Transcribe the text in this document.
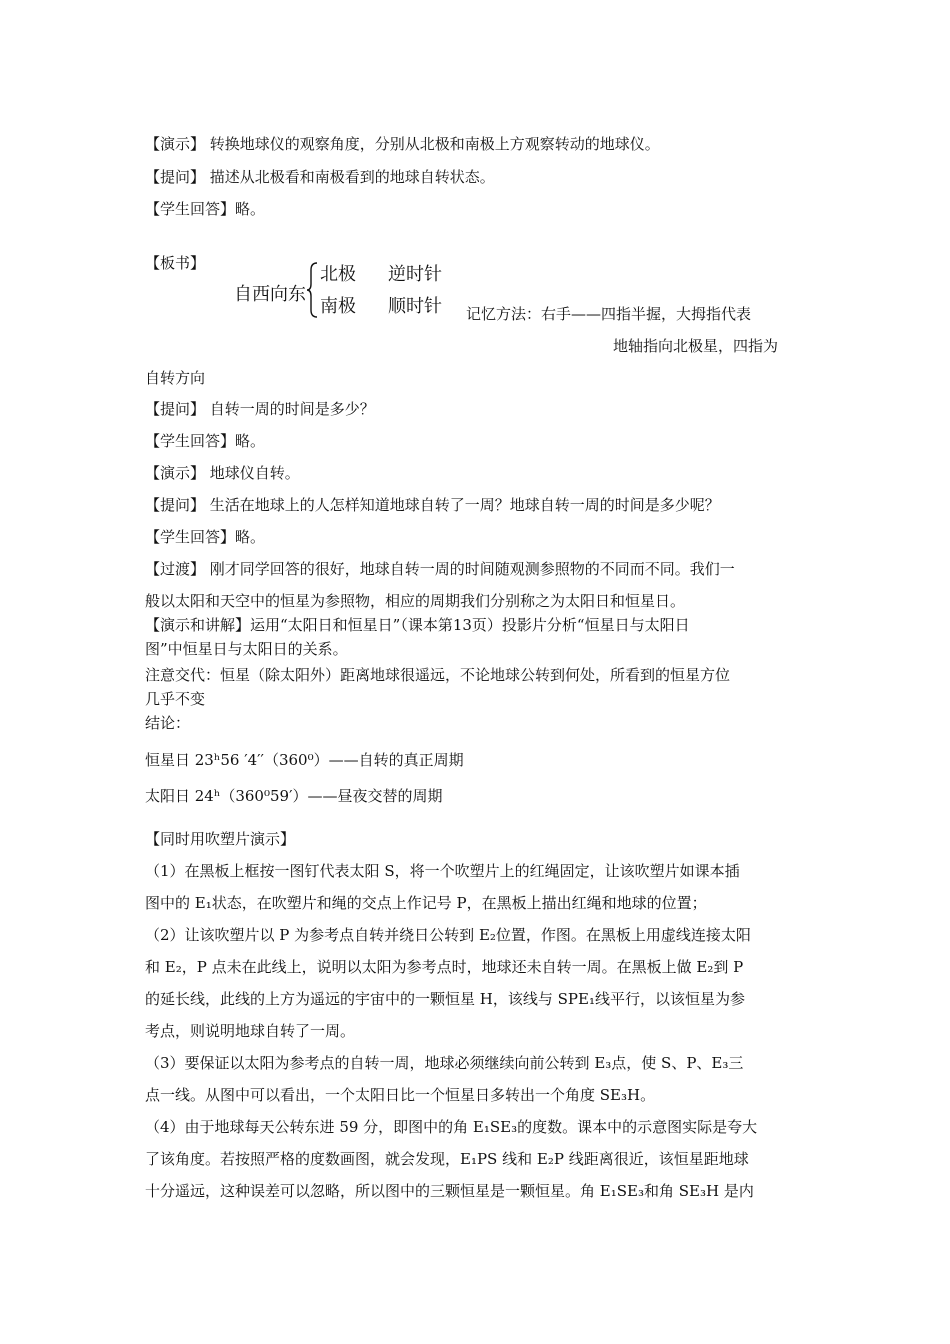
【演示】 转换地球仪的观察角度，分别从北极和南极上方观察转动的地球仪。
【提问】 描述从北极看和南极看到的地球自转状态。
【学生回答】略。
【板书】
自西向东
北极
南极
逆时针
顺时针 记忆方法：右手——四指半握，大拇指代表
地轴指向北极星，四指为
自转方向
【提问】 自转一周的时间是多少？
【学生回答】略。
【演示】 地球仪自转。
【提问】 生活在地球上的人怎样知道地球自转了一周？地球自转一周的时间是多少呢？
【学生回答】略。
【过渡】 刚才同学回答的很好，地球自转一周的时间随观测参照物的不同而不同。我们一
般以太阳和天空中的恒星为参照物，相应的周期我们分别称之为太阳日和恒星日。
【演示和讲解】运用“太阳日和恒星日”（课本第13页）投影片分析“恒星日与太阳日
图”中恒星日与太阳日的关系。
注意交代：恒星（除太阳外）距离地球很遥远，不论地球公转到何处，所看到的恒星方位
几乎不变
结论：
恒星日 23ʰ56 ′4′′（360⁰）——自转的真正周期
太阳日 24ʰ（360⁰59′）——昼夜交替的周期
【同时用吹塑片演示】
（1）在黑板上框按一图钉代表太阳 S，将一个吹塑片上的红绳固定，让该吹塑片如课本插
图中的 E₁状态，在吹塑片和绳的交点上作记号 P，在黑板上描出红绳和地球的位置；
（2）让该吹塑片以 P 为参考点自转并绕日公转到 E₂位置，作图。在黑板上用虚线连接太阳
和 E₂，P 点未在此线上，说明以太阳为参考点时，地球还未自转一周。在黑板上做 E₂到 P
的延长线，此线的上方为遥远的宇宙中的一颗恒星 H，该线与 SPE₁线平行，以该恒星为参
考点，则说明地球自转了一周。
（3）要保证以太阳为参考点的自转一周，地球必须继续向前公转到 E₃点，使 S、P、E₃三
点一线。从图中可以看出，一个太阳日比一个恒星日多转出一个角度 SE₃H。
（4）由于地球每天公转东进 59 分，即图中的角 E₁SE₃的度数。课本中的示意图实际是夸大
了该角度。若按照严格的度数画图，就会发现，E₁PS 线和 E₂P 线距离很近，该恒星距地球
十分遥远，这种误差可以忽略，所以图中的三颗恒星是一颗恒星。角 E₁SE₃和角 SE₃H 是内
